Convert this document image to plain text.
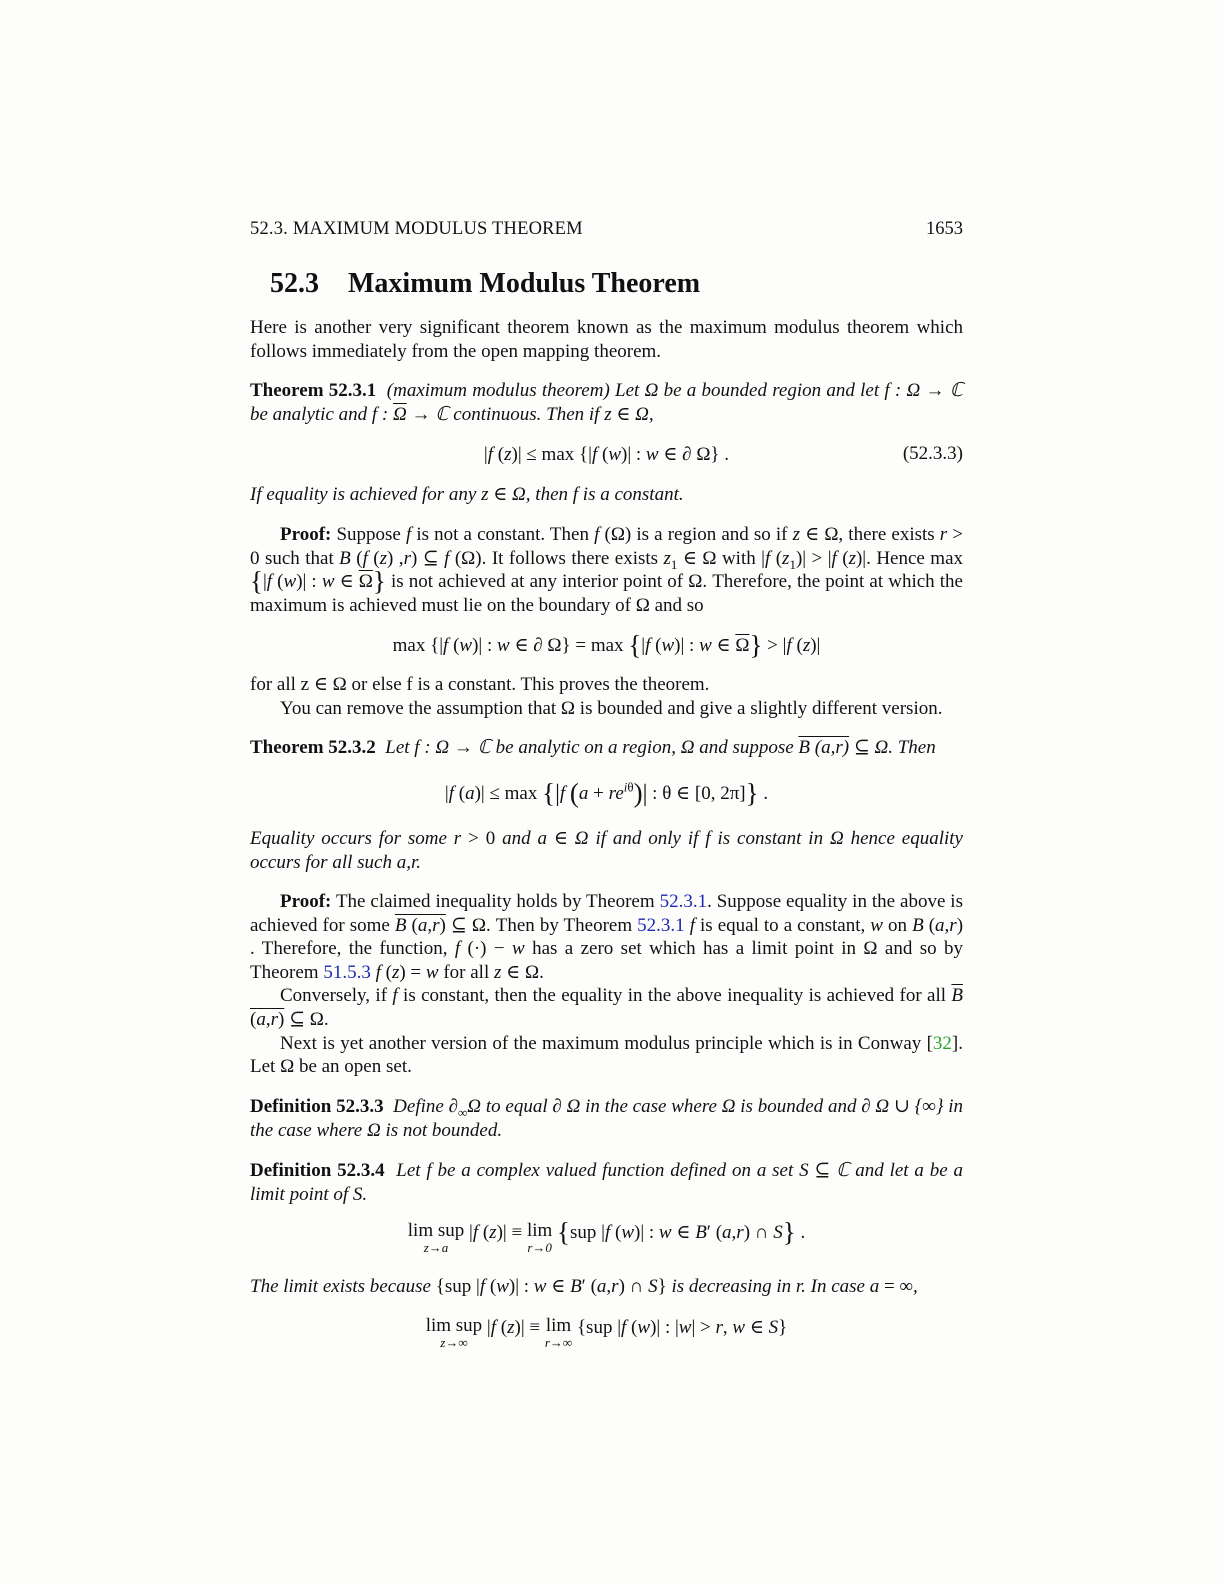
52.3. MAXIMUM MODULUS THEOREM	1653
52.3 Maximum Modulus Theorem

Here is another very significant theorem known as the maximum modulus theorem which follows immediately from the open mapping theorem.

Theorem 52.3.1 (maximum modulus theorem) Let Ω be a bounded region and let f : Ω → ℂ be analytic and f : $\overline{\Omega}$ → ℂ continuous. Then if z ∈ Ω,

|f (z)| ≤ max {|f (w)| : w ∈ ∂ Ω} .	(52.3.3)

If equality is achieved for any z ∈ Ω, then f is a constant.

Proof: Suppose f is not a constant. Then f (Ω) is a region and so if z ∈ Ω, there exists r > 0 such that B (f (z) ,r) ⊆ f (Ω). It follows there exists $z_1$ ∈ Ω with |f $(z_1)| > |f$ (z)|. Hence max {|f (w)| : w ∈ $\overline{\Omega}$} is not achieved at any interior point of Ω. Therefore, the point at which the maximum is achieved must lie on the boundary of Ω and so

max {|f (w)| : w ∈ ∂ Ω} = max {|f (w)| : w ∈ $\overline{\Omega}\} > |f$ (z)|

for all z ∈ Ω or else f is a constant. This proves the theorem.

You can remove the assumption that Ω is bounded and give a slightly different version.

Theorem 52.3.2 Let f : Ω → ℂ be analytic on a region, Ω and suppose B (a,r) ⊆ Ω. Then

|f (a)| ≤ max {|f $(a + re^{i\theta})|$ : θ ∈ [0, 2π]} .

Equality occurs for some r > 0 and a ∈ Ω if and only if f is constant in Ω hence equality occurs for all such a,r.

Proof: The claimed inequality holds by Theorem 52.3.1. Suppose equality in the above is achieved for some B (a,r) ⊆ Ω. Then by Theorem 52.3.1 f is equal to a constant, w on B (a,r) . Therefore, the function, f (·) − w has a zero set which has a limit point in Ω and so by Theorem 51.5.3 f (z) = w for all z ∈ Ω.

Conversely, if f is constant, then the equality in the above inequality is achieved for all B (a,r) ⊆ Ω.

Next is yet another version of the maximum modulus principle which is in Conway [32]. Let Ω be an open set.

Definition 52.3.3 Define $\partial_\infty\Omega$ to equal ∂ Ω in the case where Ω is bounded and ∂ Ω ∪ {∞} in the case where Ω is not bounded.

Definition 52.3.4 Let f be a complex valued function defined on a set S ⊆ ℂ and let a be a limit point of S.

lim sup
z→a
|f (z)| ≡ lim
r→0
{sup |f (w)| : w ∈ B′ (a,r) ∩ S} .

The limit exists because {sup |f (w)| : w ∈ B′ (a,r) ∩ S} is decreasing in r. In case a = ∞,

lim sup
z→∞
|f (z)| ≡ lim
r→∞
{sup |f (w)| : |w| > r, w ∈ S}
